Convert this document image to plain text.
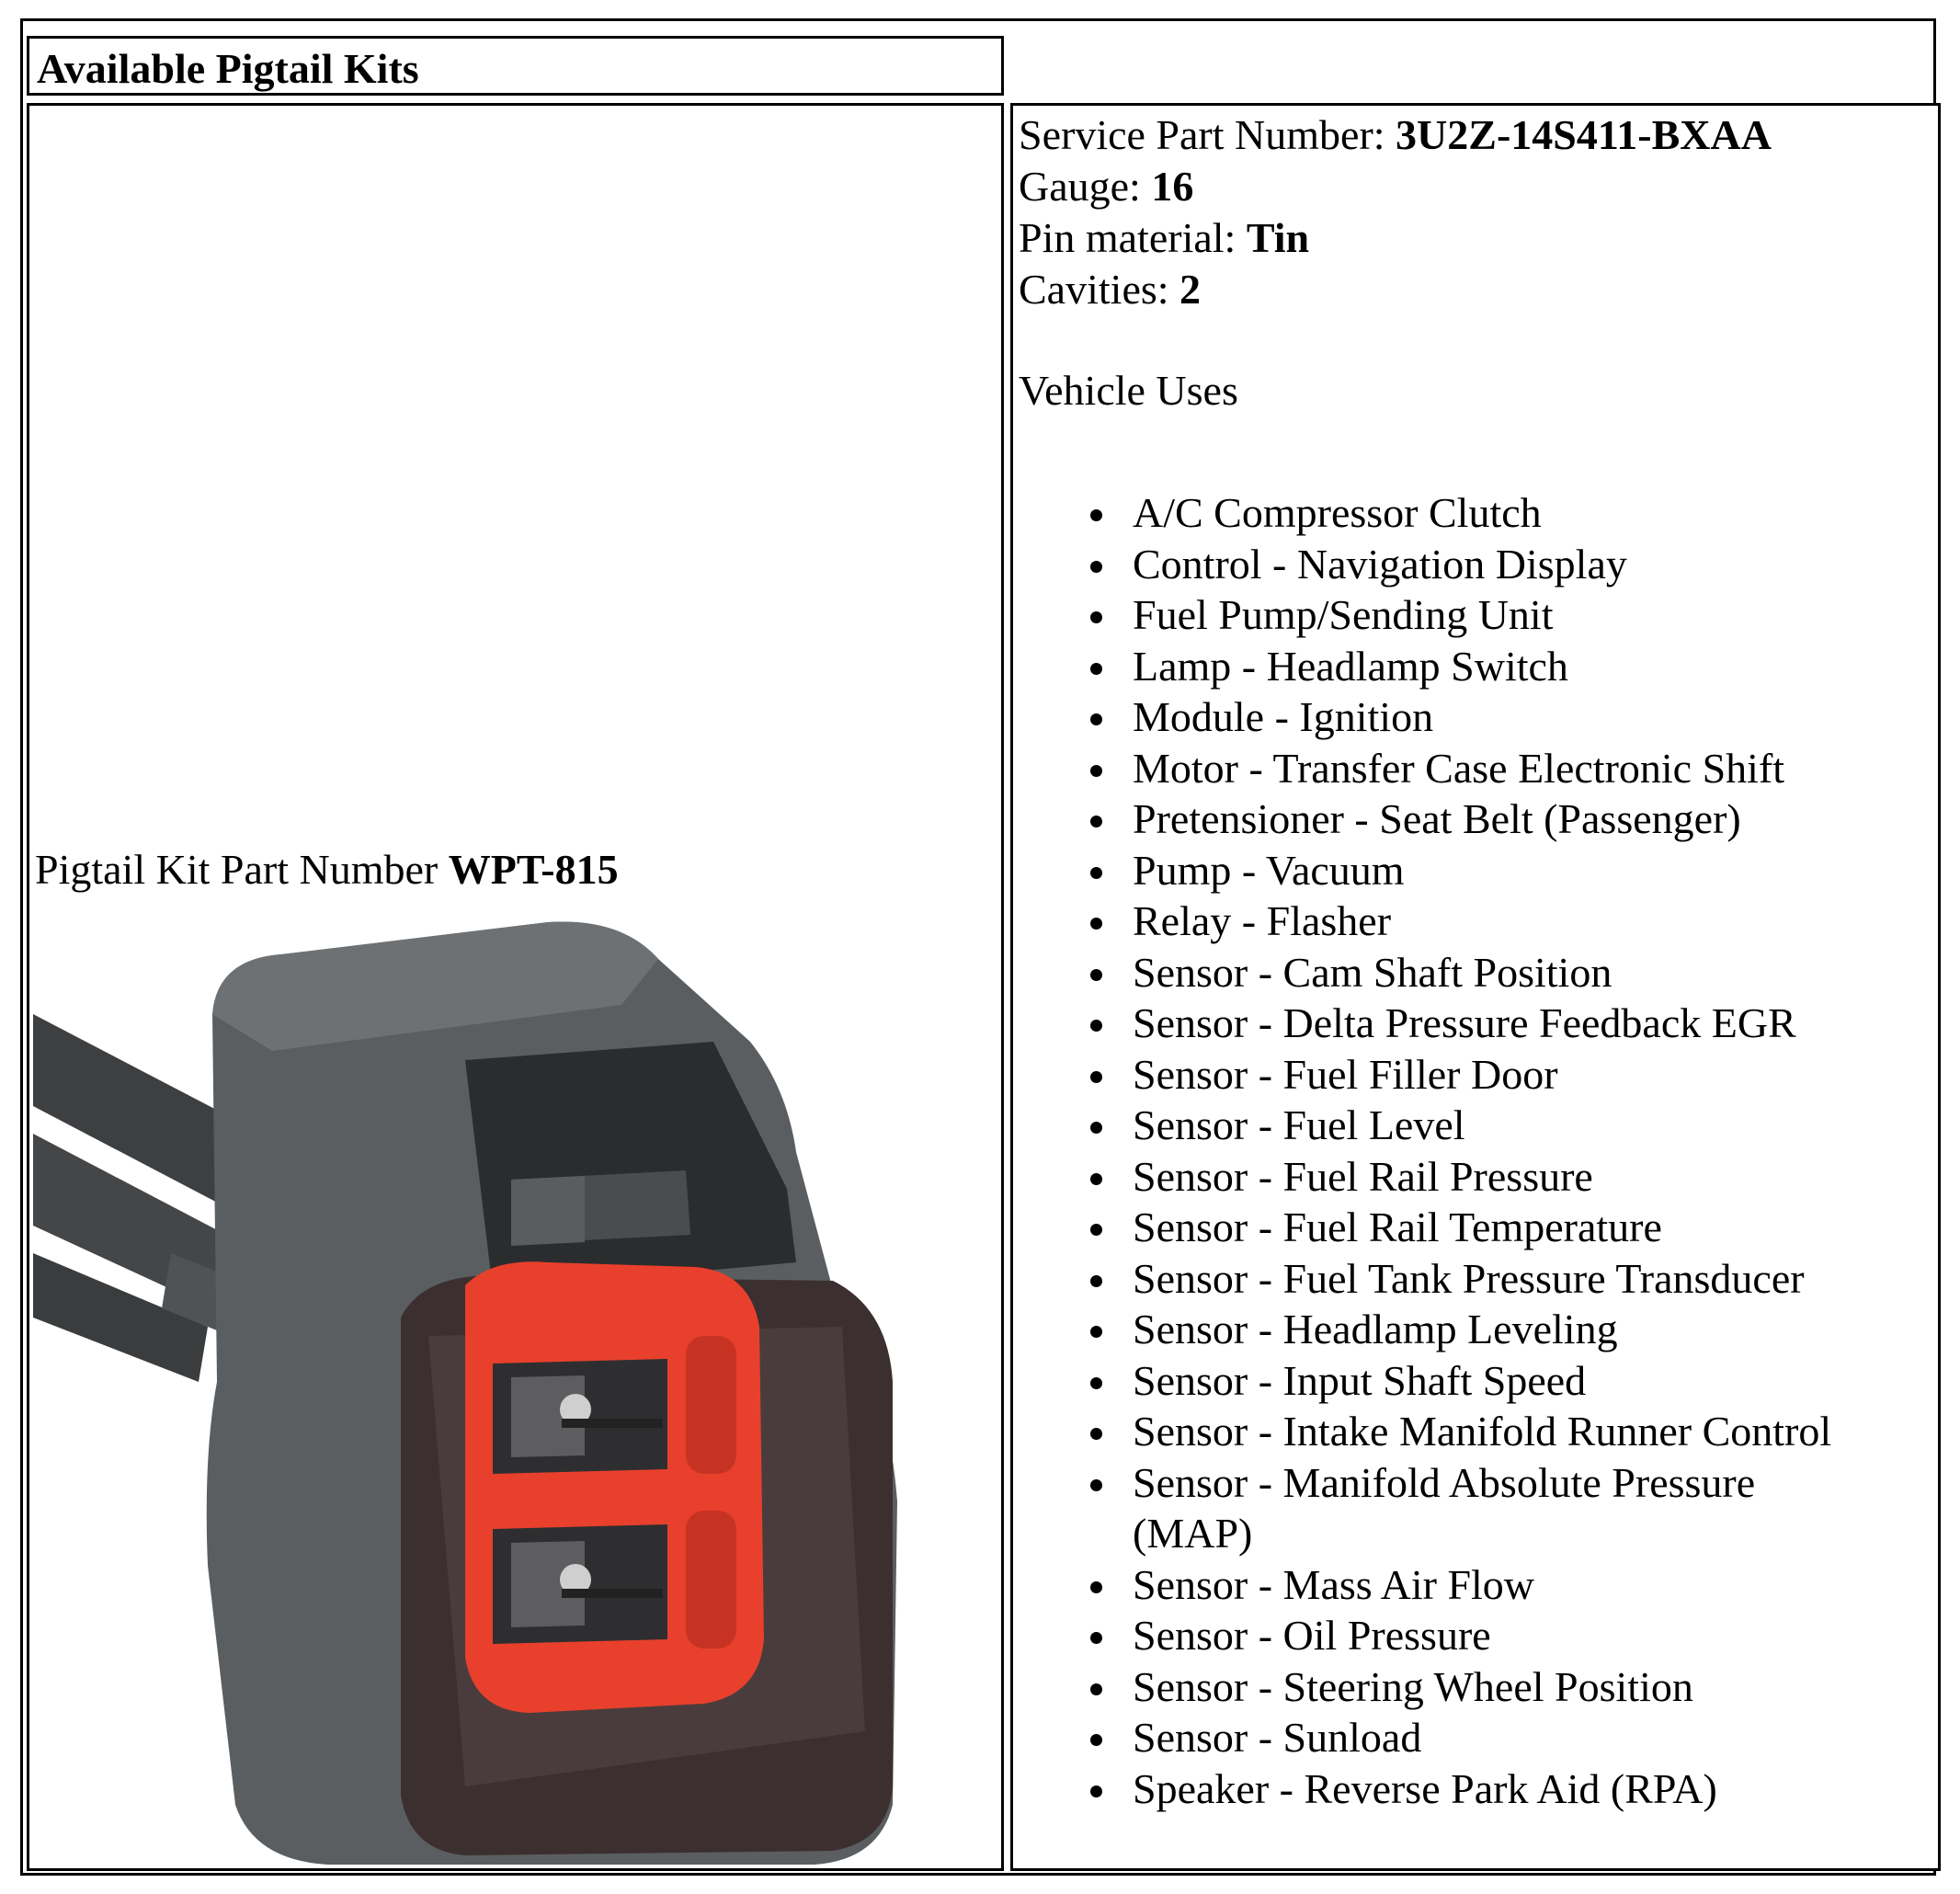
Available Pigtail Kits
Pigtail Kit Part Number WPT-815
Service Part Number: 3U2Z-14S411-BXAA
Gauge: 16
Pin material: Tin
Cavities: 2
Vehicle Uses
A/C Compressor Clutch
Control - Navigation Display
Fuel Pump/Sending Unit
Lamp - Headlamp Switch
Module - Ignition
Motor - Transfer Case Electronic Shift
Pretensioner - Seat Belt (Passenger)
Pump - Vacuum
Relay - Flasher
Sensor - Cam Shaft Position
Sensor - Delta Pressure Feedback EGR
Sensor - Fuel Filler Door
Sensor - Fuel Level
Sensor - Fuel Rail Pressure
Sensor - Fuel Rail Temperature
Sensor - Fuel Tank Pressure Transducer
Sensor - Headlamp Leveling
Sensor - Input Shaft Speed
Sensor - Intake Manifold Runner Control
Sensor - Manifold Absolute Pressure (MAP)
Sensor - Mass Air Flow
Sensor - Oil Pressure
Sensor - Steering Wheel Position
Sensor - Sunload
Speaker - Reverse Park Aid (RPA)
